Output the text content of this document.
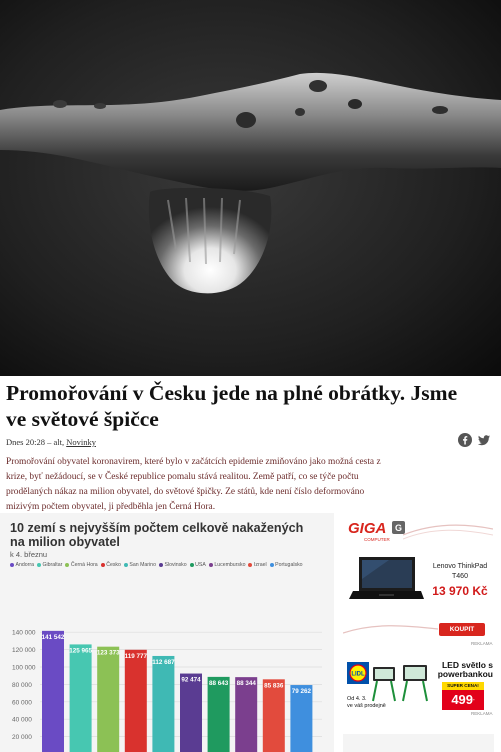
Promořování v Česku jede na plné obrátky. Jsme ve světové špičce
Dnes 20:28 – alt, Novinky

Promořování obyvatel koronavirem, které bylo v začátcích epidemie zmiňováno jako možná cesta z krize, byť nežádoucí, se v České republice pomalu stává realitou. Země patří, co se týče počtu prodělaných nákaz na milion obyvatel, do světové špičky. Ze států, kde není číslo deformováno mizivým počtem obyvatel, ji předběhla jen Černá Hora.

10 zemí s nejvyšším počtem celkově nakažených na milion obyvatel
k 4. březnu
Andorra Gibraltar Černá Hora Česko San Marino Slovinsko USA Lucembursko Izrael Portugalsko
140 000
120 000
100 000
80 000
60 000
40 000
20 000
141 542
125 965 123 373 119 777
112 687
92 474 88 643 88 344 85 836
79 262
GIGA G
COMPUTER
Lenovo ThinkPad T460
13 970 Kč
KOUPIT
REKLAMA
LIDL
LED světlo s powerbankou
SUPER CENA!
499-
Od 4. 3.
ve váš prodejně
REKLAMA
